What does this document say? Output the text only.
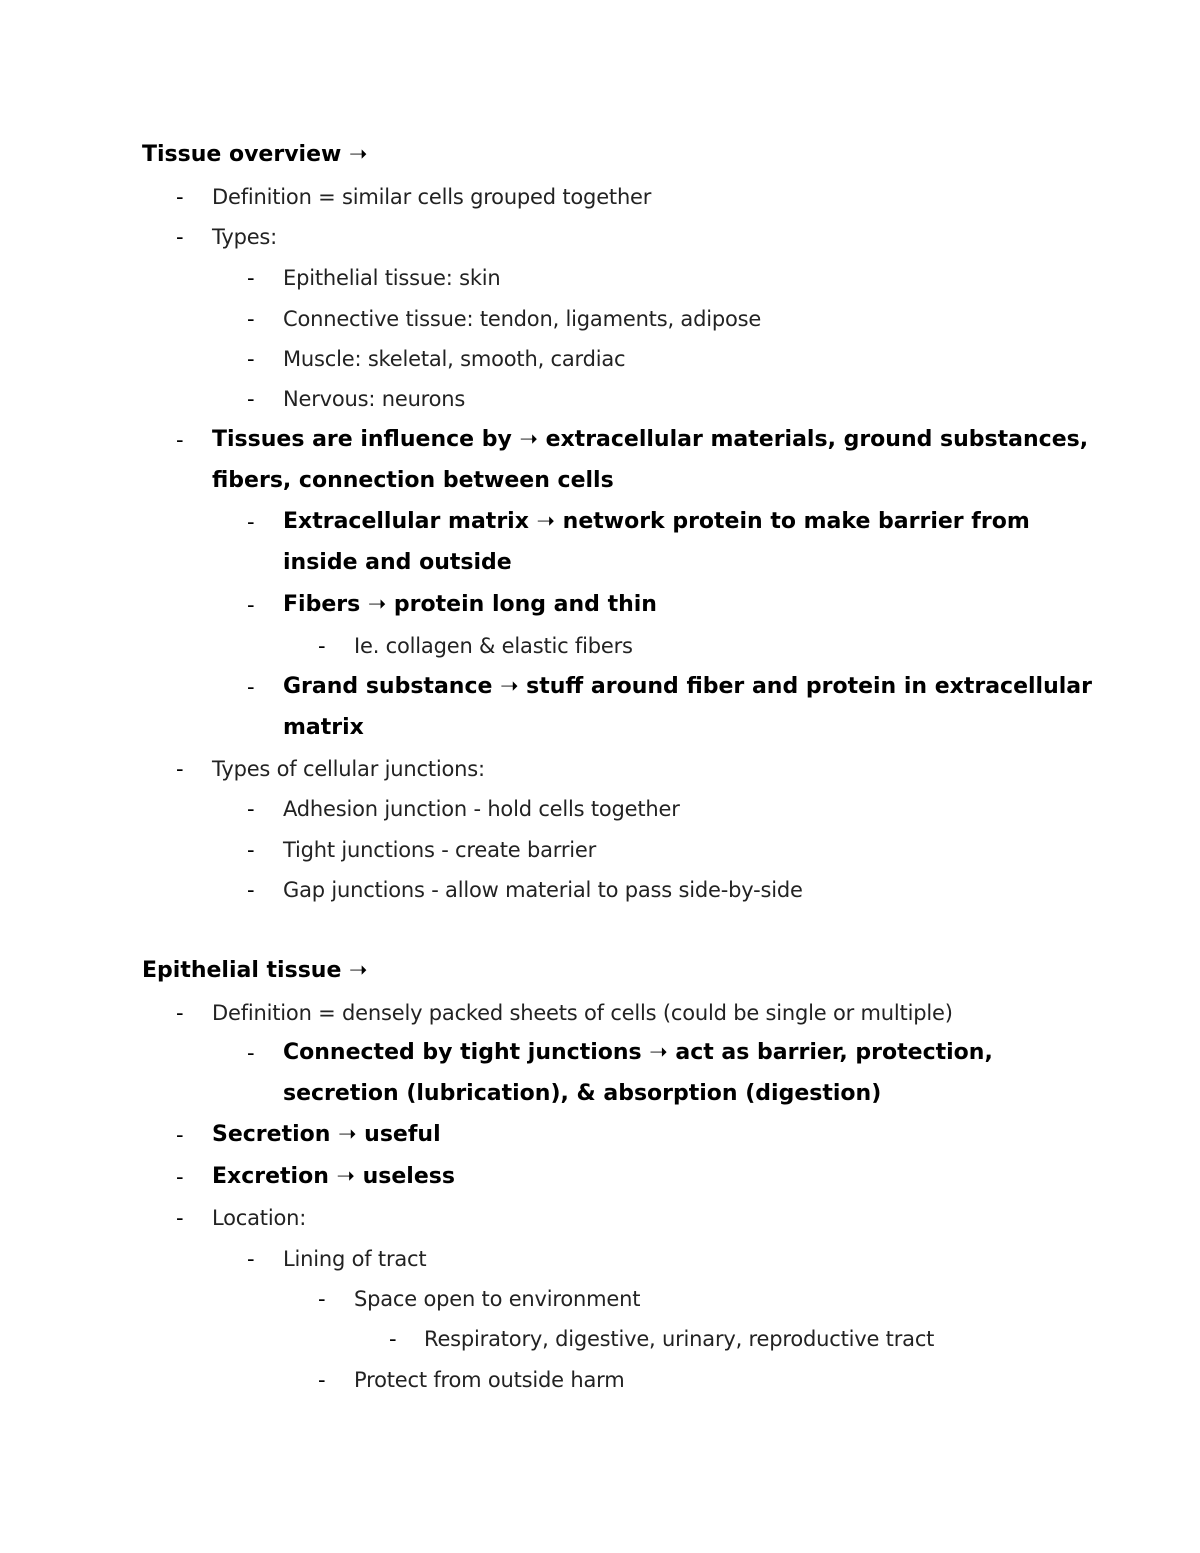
Tissue overview ➝
- Definition = similar cells grouped together
- Types:
- Epithelial tissue: skin
- Connective tissue: tendon, ligaments, adipose
- Muscle: skeletal, smooth, cardiac
- Nervous: neurons
- Tissues are influence by ➝ extracellular materials, ground substances,
fibers, connection between cells
- Extracellular matrix ➝ network protein to make barrier from
inside and outside
- Fibers ➝ protein long and thin
- Ie. collagen & elastic fibers
- Grand substance ➝ stuff around fiber and protein in extracellular
matrix
- Types of cellular junctions:
- Adhesion junction - hold cells together
- Tight junctions - create barrier
- Gap junctions - allow material to pass side-by-side
Epithelial tissue ➝
- Definition = densely packed sheets of cells (could be single or multiple)
- Connected by tight junctions ➝ act as barrier, protection,
secretion (lubrication), & absorption (digestion)
- Secretion ➝ useful
- Excretion ➝ useless
- Location:
- Lining of tract
- Space open to environment
- Respiratory, digestive, urinary, reproductive tract
- Protect from outside harm
